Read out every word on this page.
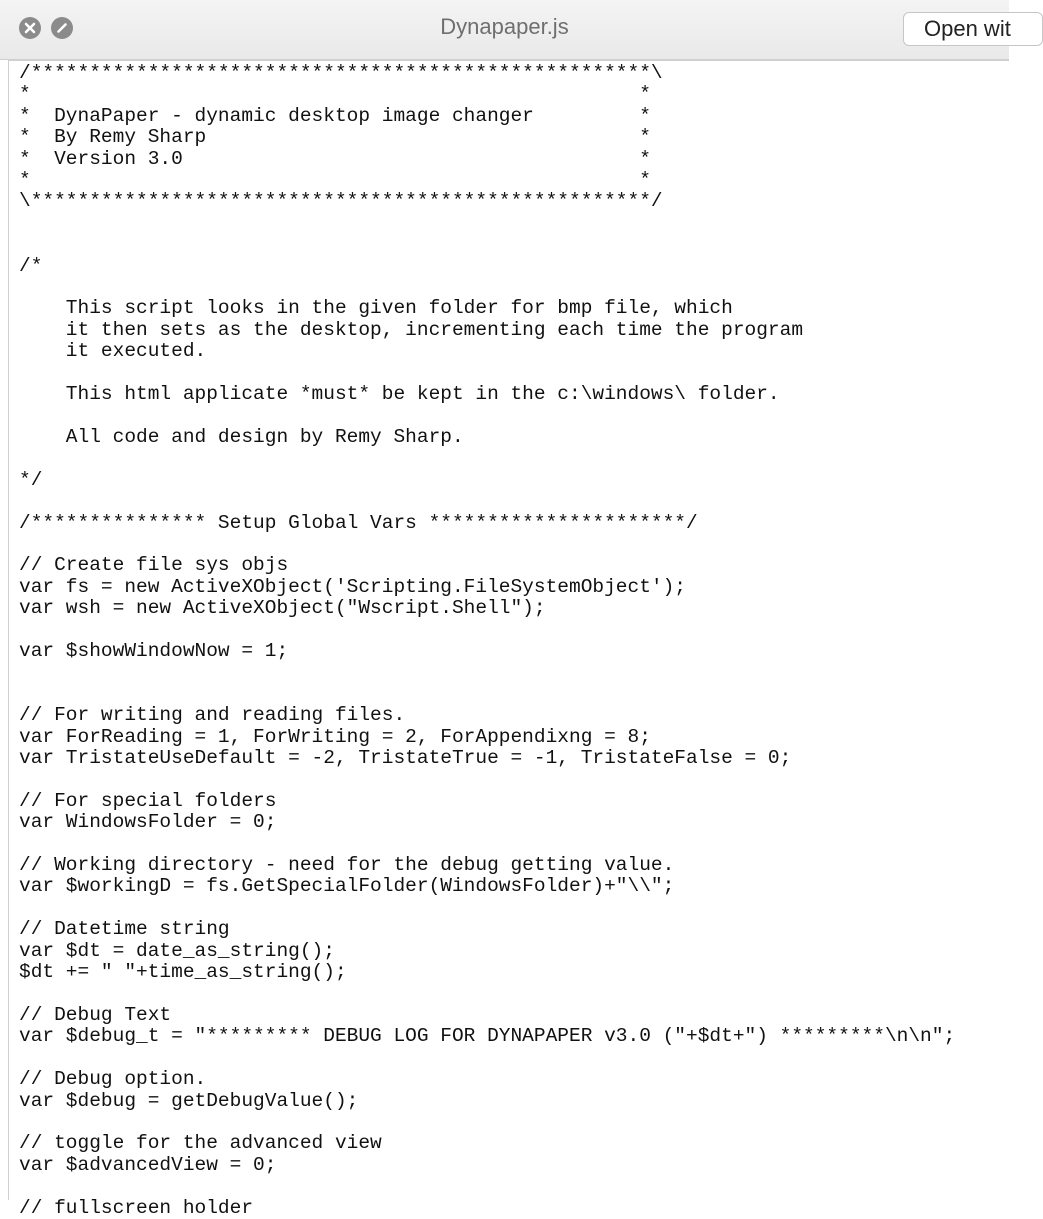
Dynapaper.js	Open wit
/*****************************************************\
*                                                    *
*  DynaPaper - dynamic desktop image changer         *
*  By Remy Sharp                                     *
*  Version 3.0                                       *
*                                                    *
\*****************************************************/

/*

This script looks in the given folder for bmp file, which
it then sets as the desktop, incrementing each time the program
it executed.

This html applicate *must* be kept in the c:\windows\ folder.

All code and design by Remy Sharp.

*/

/*************** Setup Global Vars **********************/

// Create file sys objs
var fs = new ActiveXObject('Scripting.FileSystemObject');
var wsh = new ActiveXObject("Wscript.Shell");

var $showWindowNow = 1;

// For writing and reading files.
var ForReading = 1, ForWriting = 2, ForAppendixng = 8;
var TristateUseDefault = -2, TristateTrue = -1, TristateFalse = 0;

// For special folders
var WindowsFolder = 0;

// Working directory - need for the debug getting value.
var $workingD = fs.GetSpecialFolder(WindowsFolder)+"\\";

// Datetime string
var $dt = date_as_string();
$dt += " "+time_as_string();

// Debug Text
var $debug_t = "********* DEBUG LOG FOR DYNAPAPER v3.0 ("+$dt+") *********\n\n";

// Debug option.
var $debug = getDebugValue();

// toggle for the advanced view
var $advancedView = 0;

// fullscreen holder
